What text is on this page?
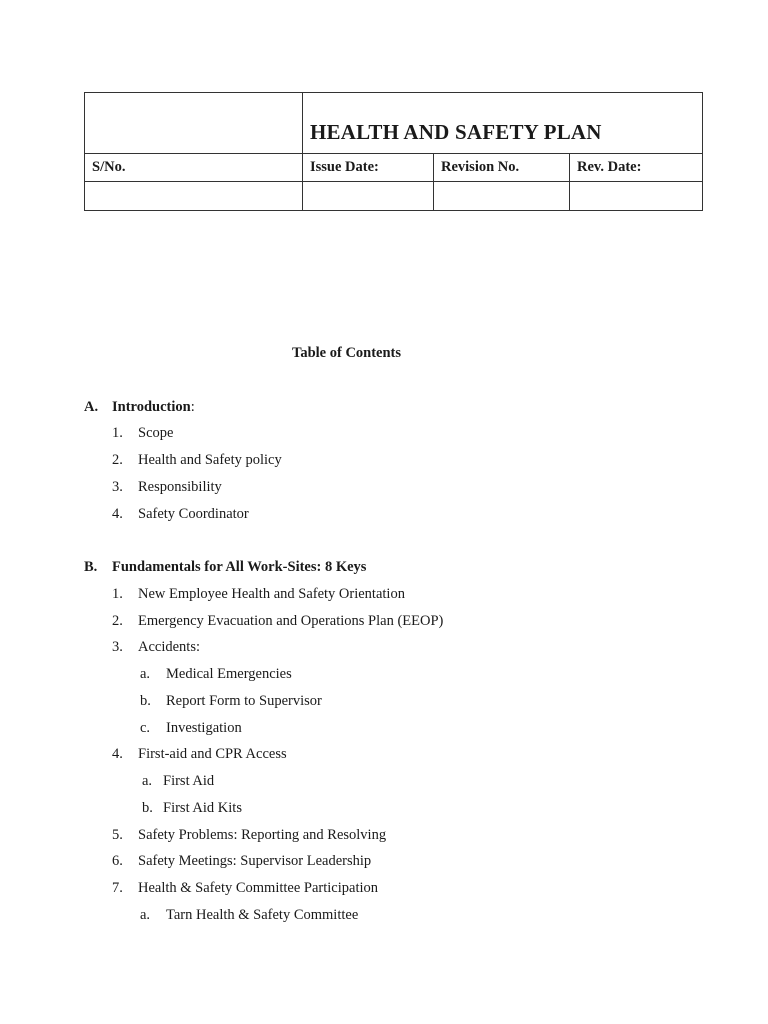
	HEALTH AND SAFETY PLAN		

S/No.	Issue Date:	Revision No.	Rev. Date:

Table of Contents
A. Introduction:
1. Scope
2. Health and Safety policy
3. Responsibility
4. Safety Coordinator
B. Fundamentals for All Work-Sites: 8 Keys
1. New Employee Health and Safety Orientation
2. Emergency Evacuation and Operations Plan (EEOP)
3. Accidents:
a. Medical Emergencies
b. Report Form to Supervisor
c. Investigation
4. First-aid and CPR Access
a. First Aid
b. First Aid Kits
5. Safety Problems: Reporting and Resolving
6. Safety Meetings: Supervisor Leadership
7. Health & Safety Committee Participation
a. Tarn Health & Safety Committee
